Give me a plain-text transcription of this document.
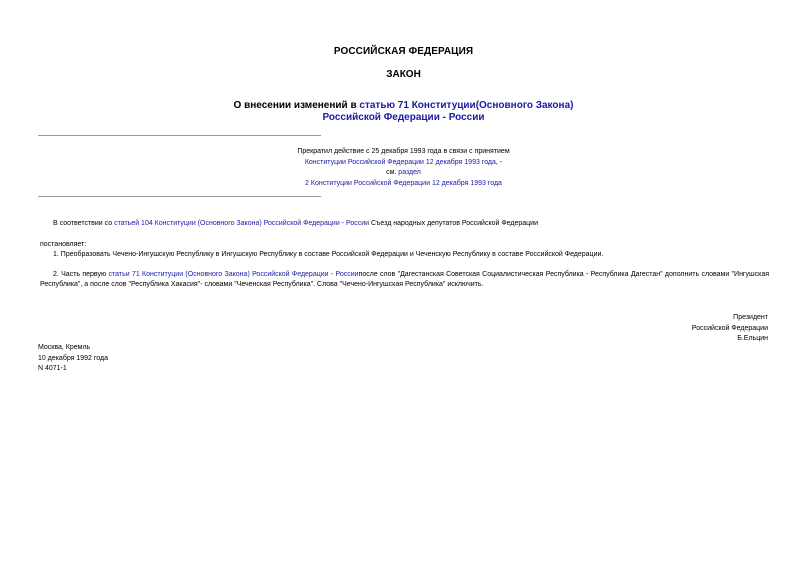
РОССИЙСКАЯ ФЕДЕРАЦИЯ
ЗАКОН
О внесении изменений в статью 71 Конституции(Основного Закона)
Российской Федерации - России
Прекратил действие с 25 декабря 1993 года в связи с принятием
Конституции Российской Федерации 12 декабря 1993 года, -
см. раздел
2 Конституции Российской Федерации 12 декабря 1993 года
В соответствии со статьей 104 Конституции (Основного Закона) Российской Федерации - России Съезд народных депутатов Российской Федерации
постановляет:
1. Преобразовать Чечено-Ингушскую Республику в Ингушскую Республику в составе Российской Федерации и Чеченскую Республику в составе Российской Федерации.
2. Часть первую статьи 71 Конституции (Основного Закона) Российской Федерации - Россиипосле слов "Дагестанская Советская Социалистическая Республика - Республика Дагестан" дополнить словами "Ингушская Республика", а после слов "Республика Хакасия"- словами "Чеченская Республика". Слова "Чечено-Ингушская Республика" исключить.
Президент
Российской Федерации
Б.Ельцин
Москва, Кремль
10 декабря 1992 года
N 4071-1
